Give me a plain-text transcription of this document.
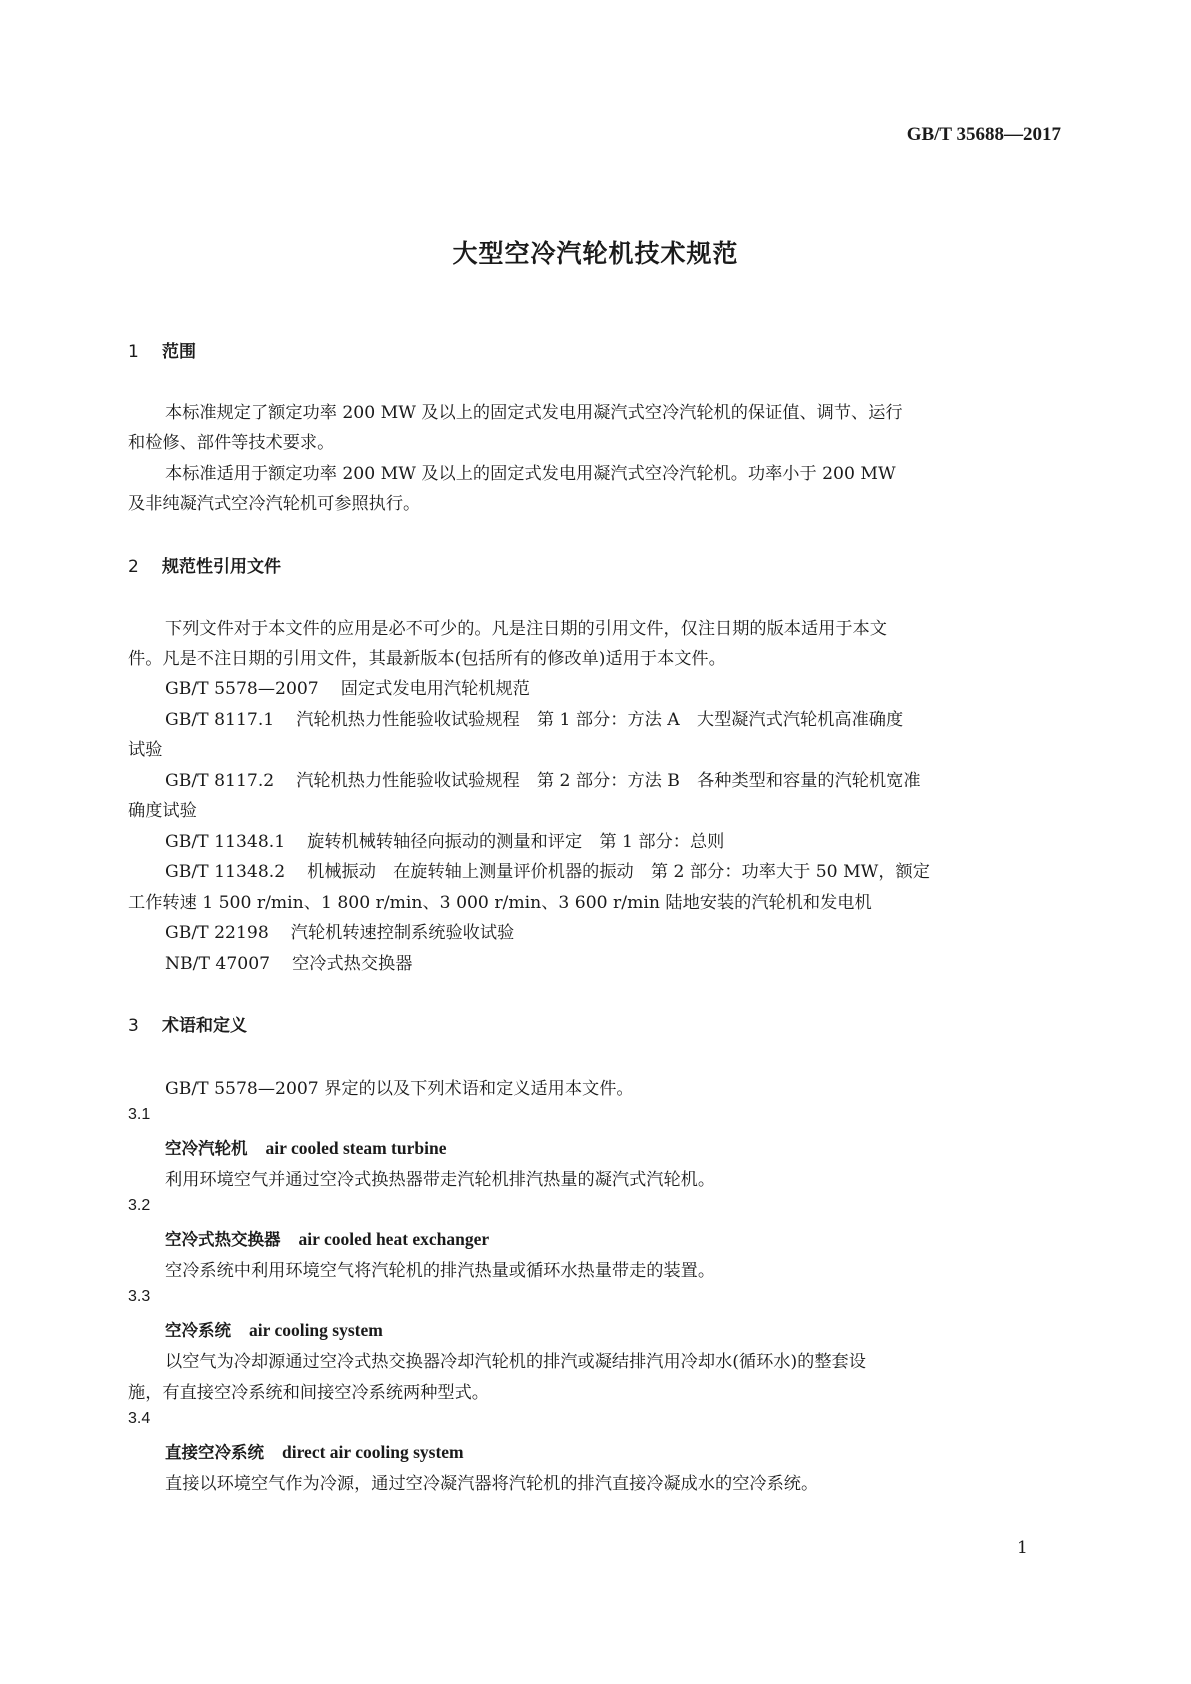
GB/T 35688—2017
大型空冷汽轮机技术规范
1 范围

本标准规定了额定功率 200 MW 及以上的固定式发电用凝汽式空冷汽轮机的保证值、调节、运行

和检修、部件等技术要求。

本标准适用于额定功率 200 MW 及以上的固定式发电用凝汽式空冷汽轮机。功率小于 200 MW

及非纯凝汽式空冷汽轮机可参照执行。

2 规范性引用文件

下列文件对于本文件的应用是必不可少的。凡是注日期的引用文件，仅注日期的版本适用于本文

件。凡是不注日期的引用文件，其最新版本(包括所有的修改单)适用于本文件。

GB/T 5578—2007 固定式发电用汽轮机规范

GB/T 8117.1 汽轮机热力性能验收试验规程　第 1 部分：方法 A　大型凝汽式汽轮机高准确度

试验

GB/T 8117.2 汽轮机热力性能验收试验规程　第 2 部分：方法 B　各种类型和容量的汽轮机宽准

确度试验

GB/T 11348.1 旋转机械转轴径向振动的测量和评定　第 1 部分：总则

GB/T 11348.2 机械振动　在旋转轴上测量评价机器的振动　第 2 部分：功率大于 50 MW，额定

工作转速 1 500 r/min、1 800 r/min、3 000 r/min、3 600 r/min 陆地安装的汽轮机和发电机

GB/T 22198 汽轮机转速控制系统验收试验

NB/T 47007 空冷式热交换器

3 术语和定义

GB/T 5578—2007 界定的以及下列术语和定义适用本文件。

3.1
空冷汽轮机 air cooled steam turbine

利用环境空气并通过空冷式换热器带走汽轮机排汽热量的凝汽式汽轮机。

3.2
空冷式热交换器 air cooled heat exchanger

空冷系统中利用环境空气将汽轮机的排汽热量或循环水热量带走的装置。

3.3
空冷系统 air cooling system

以空气为冷却源通过空冷式热交换器冷却汽轮机的排汽或凝结排汽用冷却水(循环水)的整套设

施，有直接空冷系统和间接空冷系统两种型式。

3.4
直接空冷系统 direct air cooling system

直接以环境空气作为冷源，通过空冷凝汽器将汽轮机的排汽直接冷凝成水的空冷系统。

1
